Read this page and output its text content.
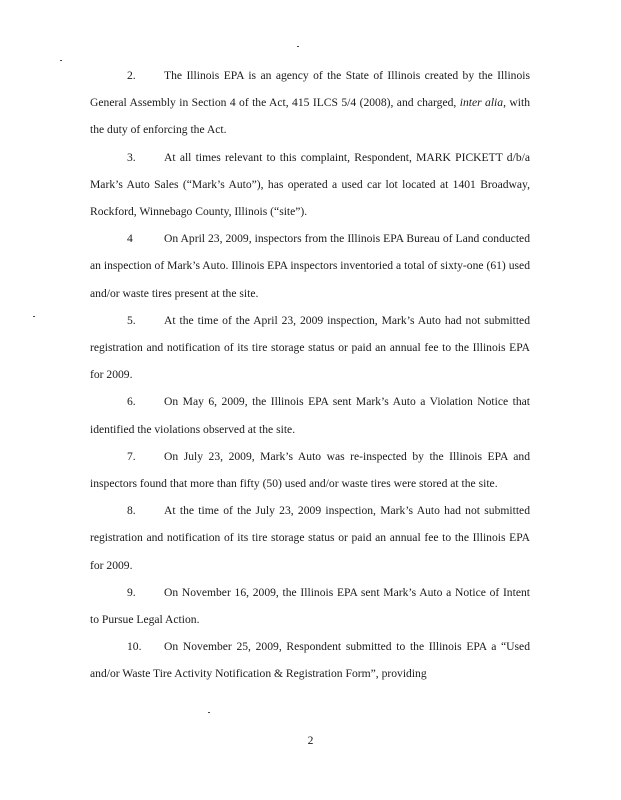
2. The Illinois EPA is an agency of the State of Illinois created by the Illinois General Assembly in Section 4 of the Act, 415 ILCS 5/4 (2008), and charged, inter alia, with the duty of enforcing the Act.

3. At all times relevant to this complaint, Respondent, MARK PICKETT d/b/a Mark’s Auto Sales (“Mark’s Auto”), has operated a used car lot located at 1401 Broadway, Rockford, Winnebago County, Illinois (“site”).

4	On April 23, 2009, inspectors from the Illinois EPA Bureau of Land conducted an inspection of Mark’s Auto. Illinois EPA inspectors inventoried a total of sixty-one (61) used and/or waste tires present at the site.

5. At the time of the April 23, 2009 inspection, Mark’s Auto had not submitted registration and notification of its tire storage status or paid an annual fee to the Illinois EPA for 2009.

6. On May 6, 2009, the Illinois EPA sent Mark’s Auto a Violation Notice that identified the violations observed at the site.

7. On July 23, 2009, Mark’s Auto was re-inspected by the Illinois EPA and inspectors found that more than fifty (50) used and/or waste tires were stored at the site.

8. At the time of the July 23, 2009 inspection, Mark’s Auto had not submitted registration and notification of its tire storage status or paid an annual fee to the Illinois EPA for 2009.

9. On November 16, 2009, the Illinois EPA sent Mark’s Auto a Notice of Intent to Pursue Legal Action.

10. On November 25, 2009, Respondent submitted to the Illinois EPA a “Used and/or Waste Tire Activity Notification & Registration Form”, providing

2
